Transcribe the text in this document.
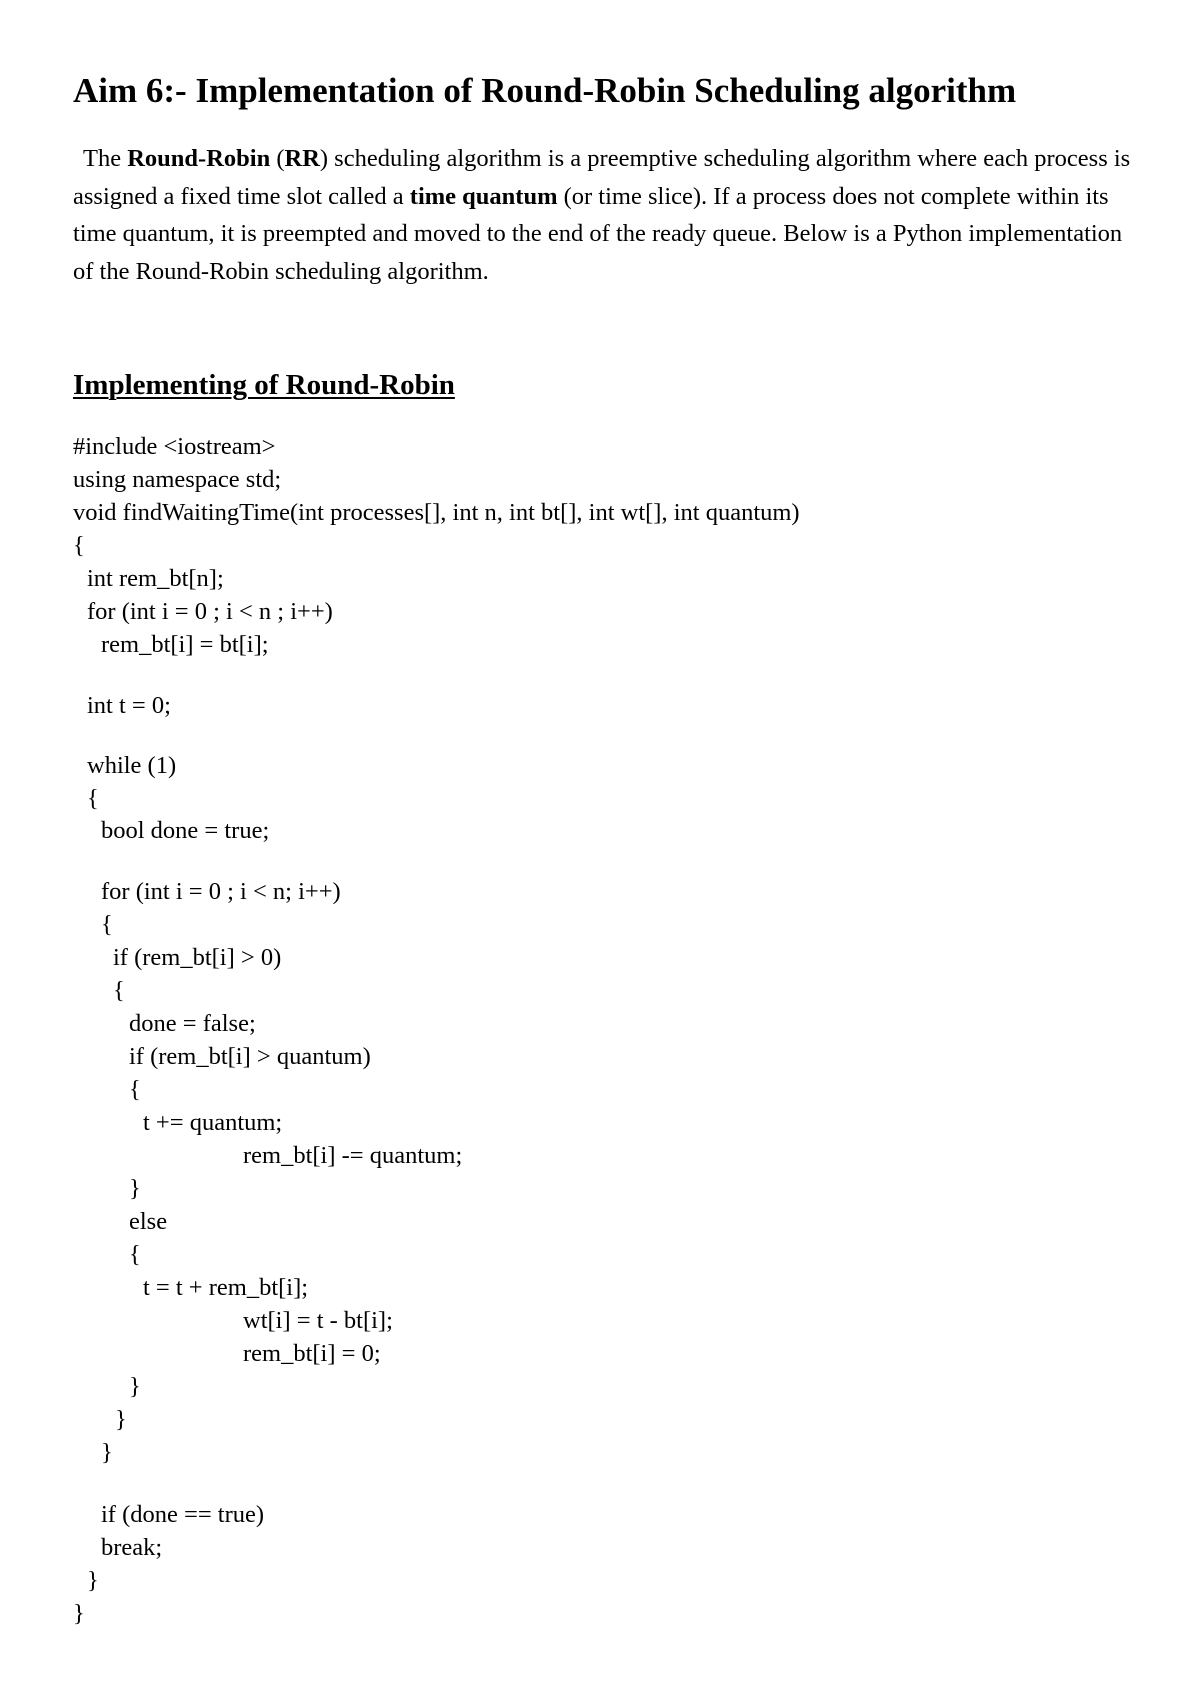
Aim 6:- Implementation of Round-Robin Scheduling algorithm

The Round-Robin (RR) scheduling algorithm is a preemptive scheduling algorithm where each process is assigned a fixed time slot called a time quantum (or time slice). If a process does not complete within its time quantum, it is preempted and moved to the end of the ready queue. Below is a Python implementation of the Round-Robin scheduling algorithm.

Implementing of Round-Robin
#include <iostream>
using namespace std;
void findWaitingTime(int processes[], int n, int bt[], int wt[], int quantum)
{
int rem_bt[n];
for (int i = 0 ; i < n ; i++)
rem_bt[i] = bt[i];
int t = 0;
while (1)
{
bool done = true;
for (int i = 0 ; i < n; i++)
{
if (rem_bt[i] > 0)
{
done = false;
if (rem_bt[i] > quantum)
{
t += quantum;
rem_bt[i] -= quantum;
}
else
{
t = t + rem_bt[i];
wt[i] = t - bt[i];
rem_bt[i] = 0;
}
}
}
if (done == true)
break;
}
}
